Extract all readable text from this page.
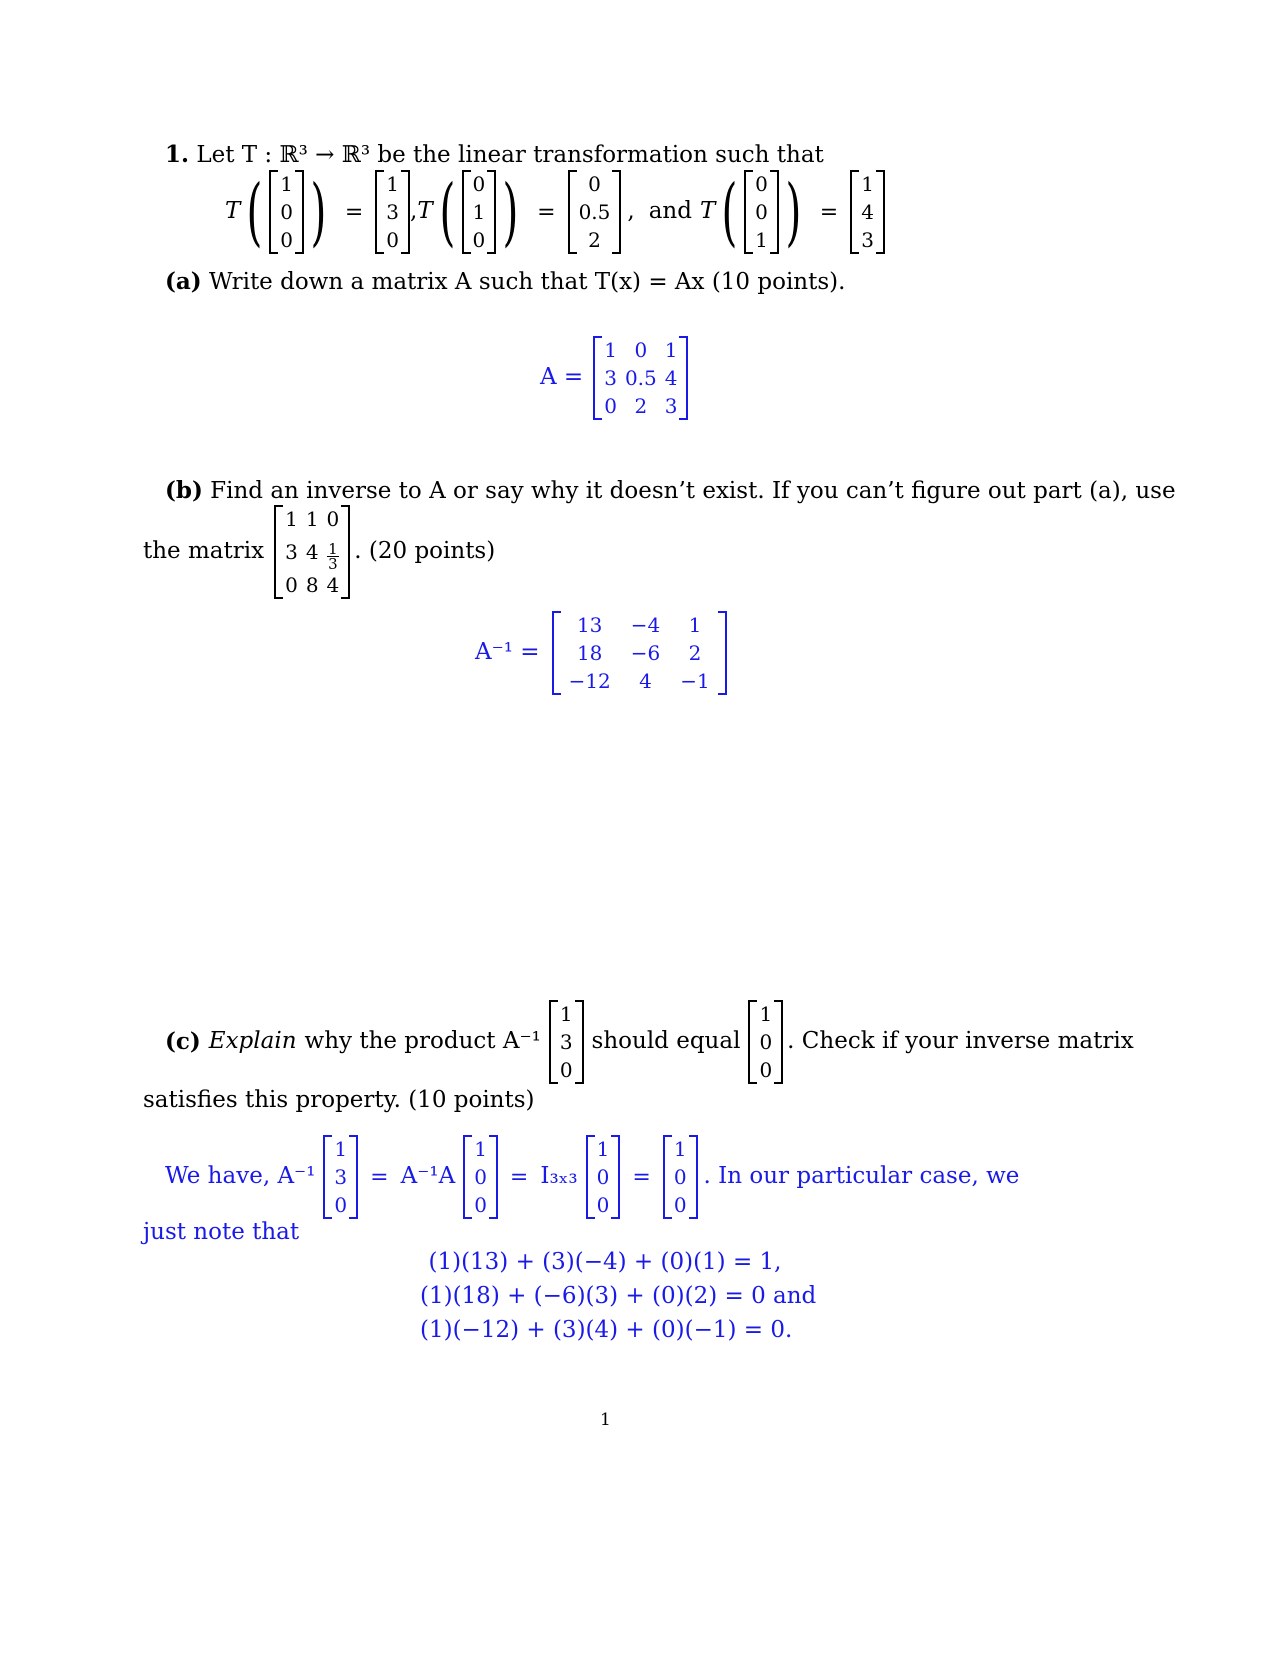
1. Let T : ℝ³ → ℝ³ be the linear transformation such that
T ( 1
0
0 ) =
1
3
0
, T ( 0
1
0 ) =
0
0.5
2
, and T ( 0
0
1 ) =
1
4
3
(a) Write down a matrix A such that T(x) = Ax (10 points).
A =
1	0	1
3	0.5	4
0	2	3
(b) Find an inverse to A or say why it doesn’t exist. If you can’t figure out part (a), use
the matrix
1	1	0
3	4	$\frac{1}{3}$

0	8	4
. (20 points)
A⁻¹ =
13	−4	1
18	−6	2
−12	4	−1
(c) Explain why the product A⁻¹
1
3
0
should equal
1
0
0
. Check if your inverse matrix
satisfies this property. (10 points)
We have, A⁻¹
1
3
0
= A⁻¹A
1
0
0
= I₃ₓ₃
1
0
0
=
1
0
0
. In our particular case, we
just note that
(1)(13) + (3)(−4) + (0)(1) = 1,
(1)(18) + (−6)(3) + (0)(2) = 0 and
(1)(−12) + (3)(4) + (0)(−1) = 0.
1
